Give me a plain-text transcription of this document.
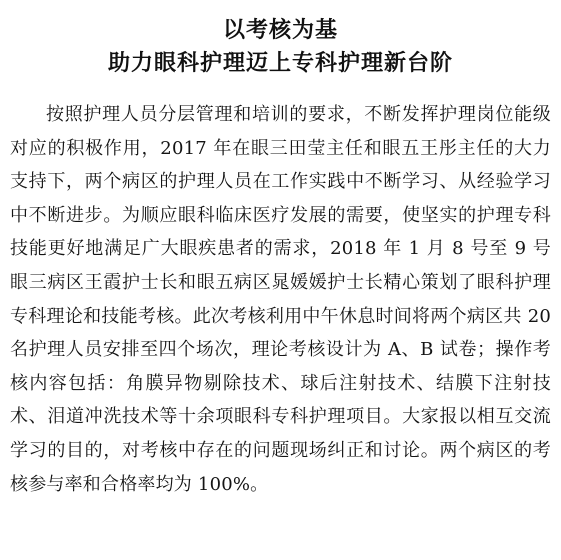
以考核为基
助力眼科护理迈上专科护理新台阶

按照护理人员分层管理和培训的要求，不断发挥护理岗位能级对应的积极作用，2017 年在眼三田莹主任和眼五王彤主任的大力支持下，两个病区的护理人员在工作实践中不断学习、从经验学习中不断进步。为顺应眼科临床医疗发展的需要，使坚实的护理专科技能更好地满足广大眼疾患者的需求，2018 年 1 月 8 号至 9 号眼三病区王霞护士长和眼五病区晁媛媛护士长精心策划了眼科护理专科理论和技能考核。此次考核利用中午休息时间将两个病区共 20 名护理人员安排至四个场次，理论考核设计为 A、B 试卷；操作考核内容包括：角膜异物剔除技术、球后注射技术、结膜下注射技术、泪道冲洗技术等十余项眼科专科护理项目。大家报以相互交流学习的目的，对考核中存在的问题现场纠正和讨论。两个病区的考核参与率和合格率均为 100%。
